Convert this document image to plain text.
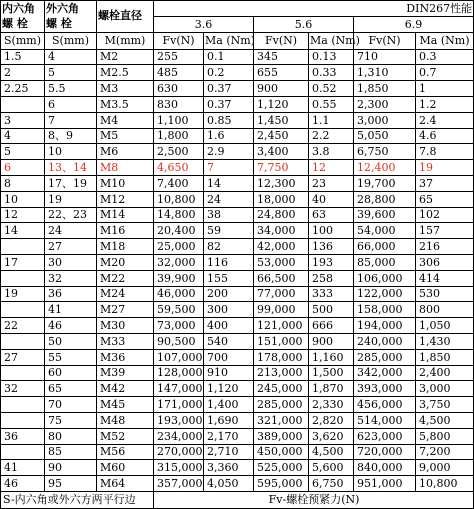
内六角	外六角	螺栓直径	DIN267性能					
螺 栓	螺 栓		3.6		5.6		6.9	
S(mm)	S(mm)	M(mm)	Fv(N)	Ma (Nm)	Fv(N)	Ma (Nm)	Fv(N)	Ma (Nm)
1.5	4	M2	255	0.1	345	0.13	710	0.3
2	5	M2.5	485	0.2	655	0.33	1,310	0.7
2.25	5.5	M3	630	0.37	900	0.52	1,850	1
	6	M3.5	830	0.37	1,120	0.55	2,300	1.2
3	7	M4	1,100	0.85	1,450	1.1	3,000	2.4
4	8、9	M5	1,800	1.6	2,450	2.2	5,050	4.6
5	10	M6	2,500	2.9	3,400	3.8	6,750	7.8
6	13、14	M8	4,650	7	7,750	12	12,400	19
8	17、19	M10	7,400	14	12,300	23	19,700	37
10	19	M12	10,800	24	18,000	40	28,800	65
12	22、23	M14	14,800	38	24,800	63	39,600	102
14	24	M16	20,400	59	34,000	100	54,000	157
	27	M18	25,000	82	42,000	136	66,000	216
17	30	M20	32,000	116	53,000	193	85,000	306
	32	M22	39,900	155	66,500	258	106,000	414
19	36	M24	46,000	200	77,000	333	122,000	530
	41	M27	59,500	300	99,000	500	158,000	800
22	46	M30	73,000	400	121,000	666	194,000	1,050
	50	M33	90,500	540	151,000	900	240,000	1,430
27	55	M36	107,000	700	178,000	1,160	285,000	1,850
	60	M39	128,000	910	213,000	1,500	342,000	2,400
32	65	M42	147,000	1,120	245,000	1,870	393,000	3,000
	70	M45	171,000	1,400	285,000	2,330	456,000	3,750
	75	M48	193,000	1,690	321,000	2,820	514,000	4,500
36	80	M52	234,000	2,170	389,000	3,620	623,000	5,800
	85	M56	270,000	2,710	450,000	4,500	720,000	7,200
41	90	M60	315,000	3,360	525,000	5,600	840,000	9,000
46	95	M64	357,000	4,050	595,000	6,750	951,000	10,800
S-内六角或外六方两平行边			Fv-螺栓预紧力(N)					
